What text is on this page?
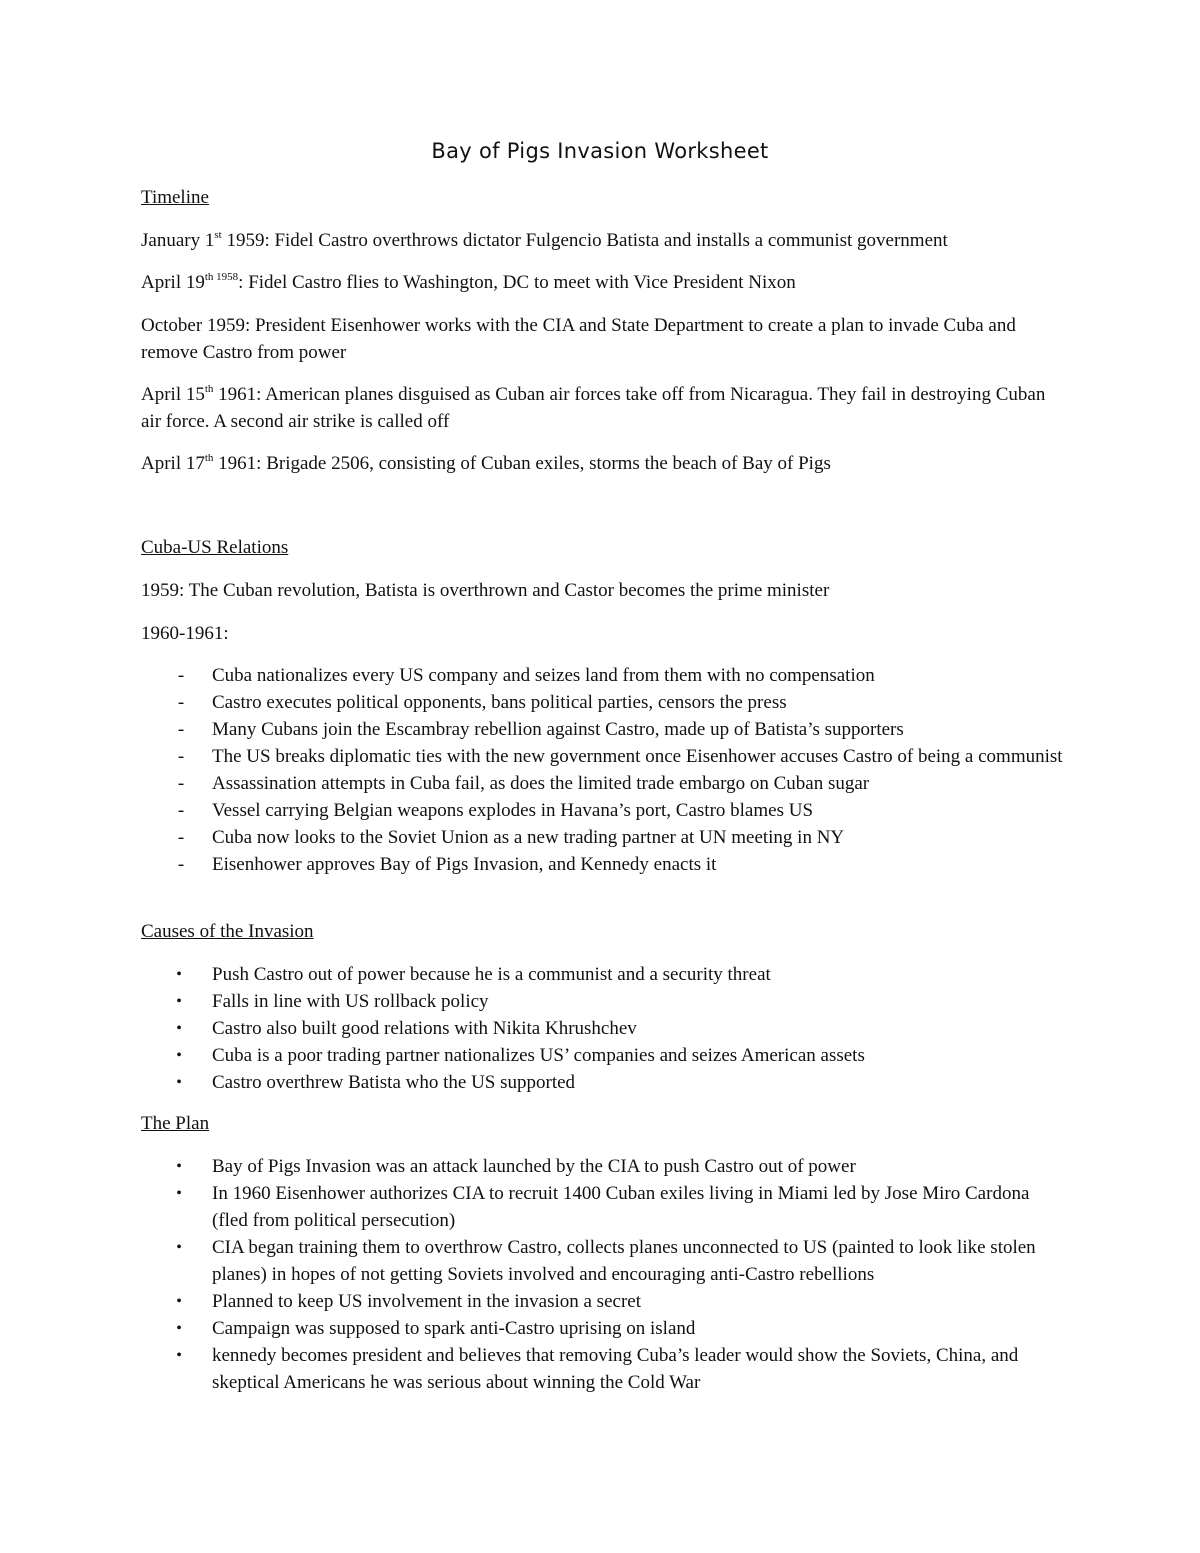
Bay of Pigs Invasion Worksheet
Timeline

January 1st 1959: Fidel Castro overthrows dictator Fulgencio Batista and installs a communist government

April $19^{th 1958}$: Fidel Castro flies to Washington, DC to meet with Vice President Nixon

October 1959: President Eisenhower works with the CIA and State Department to create a plan to invade Cuba and remove Castro from power

April 15th 1961: American planes disguised as Cuban air forces take off from Nicaragua. They fail in destroying Cuban air force. A second air strike is called off

April 17th 1961: Brigade 2506, consisting of Cuban exiles, storms the beach of Bay of Pigs

Cuba-US Relations

1959: The Cuban revolution, Batista is overthrown and Castor becomes the prime minister

1960-1961:

- Cuba nationalizes every US company and seizes land from them with no compensation
- Castro executes political opponents, bans political parties, censors the press
- Many Cubans join the Escambray rebellion against Castro, made up of Batista’s supporters
- The US breaks diplomatic ties with the new government once Eisenhower accuses Castro of being a communist
- Assassination attempts in Cuba fail, as does the limited trade embargo on Cuban sugar
- Vessel carrying Belgian weapons explodes in Havana’s port, Castro blames US
- Cuba now looks to the Soviet Union as a new trading partner at UN meeting in NY
- Eisenhower approves Bay of Pigs Invasion, and Kennedy enacts it
Causes of the Invasion
• Push Castro out of power because he is a communist and a security threat
• Falls in line with US rollback policy
• Castro also built good relations with Nikita Khrushchev
• Cuba is a poor trading partner nationalizes US’ companies and seizes American assets
• Castro overthrew Batista who the US supported
The Plan
• Bay of Pigs Invasion was an attack launched by the CIA to push Castro out of power
• In 1960 Eisenhower authorizes CIA to recruit 1400 Cuban exiles living in Miami led by Jose Miro Cardona (fled from political persecution)
• CIA began training them to overthrow Castro, collects planes unconnected to US (painted to look like stolen planes) in hopes of not getting Soviets involved and encouraging anti-Castro rebellions
• Planned to keep US involvement in the invasion a secret
• Campaign was supposed to spark anti-Castro uprising on island
• kennedy becomes president and believes that removing Cuba’s leader would show the Soviets, China, and skeptical Americans he was serious about winning the Cold War
